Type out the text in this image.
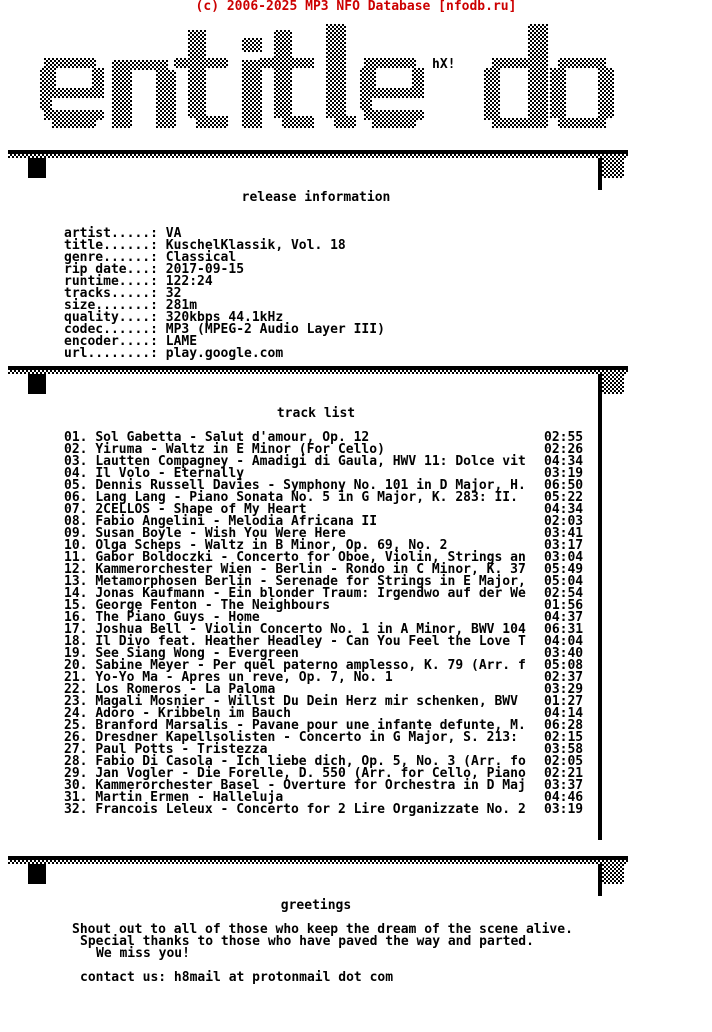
(c) 2006-2025 MP3 NFO Database [nfodb.ru]
hX!
release information
artist.....: VA
title......: KuschelKlassik, Vol. 18
genre......: Classical
rip date...: 2017-09-15
runtime....: 122:24
tracks.....: 32
size.......: 281m
quality....: 320kbps 44.1kHz
codec......: MP3 (MPEG-2 Audio Layer III)
encoder....: LAME
url........: play.google.com
track list
01. Sol Gabetta - Salut d'amour, Op. 12	02:55
02. Yiruma - Waltz in E Minor (For Cello)	02:26
03. Lautten Compagney - Amadigi di Gaula, HWV 11: Dolce vit 04:34
04. Il Volo - Eternally	03:19
05. Dennis Russell Davies - Symphony No. 101 in D Major, H. 06:50
06. Lang Lang - Piano Sonata No. 5 in G Major, K. 283: II. 05:22
07. 2CELLOS - Shape of My Heart	04:34
08. Fabio Angelini - Melodia Africana II	02:03
09. Susan Boyle - Wish You Were Here	03:41
10. Olga Scheps - Waltz in B Minor, Op. 69, No. 2	03:17
11. Gabor Boldoczki - Concerto for Oboe, Violin, Strings an 03:04
12. Kammerorchester Wien - Berlin - Rondo in C Minor, K. 37 05:49
13. Metamorphosen Berlin - Serenade for Strings in E Major, 05:04
14. Jonas Kaufmann - Ein blonder Traum: Irgendwo auf der We 02:54
15. George Fenton - The Neighbours	01:56
16. The Piano Guys - Home	04:37
17. Joshua Bell - Violin Concerto No. 1 in A Minor, BWV 104 06:31
18. Il Divo feat. Heather Headley - Can You Feel the Love T 04:04
19. See Siang Wong - Evergreen	03:40
20. Sabine Meyer - Per quel paterno amplesso, K. 79 (Arr. f 05:08
21. Yo-Yo Ma - Apres un reve, Op. 7, No. 1	02:37
22. Los Romeros - La Paloma	03:29
23. Magali Mosnier - Willst Du Dein Herz mir schenken, BWV 01:27
24. Adoro - Kribbeln im Bauch	04:14
25. Branford Marsalis - Pavane pour une infante defunte, M. 06:28
26. Dresdner Kapellsolisten - Concerto in G Major, S. 213: 02:15
27. Paul Potts - Tristezza	03:58
28. Fabio Di Casola - Ich liebe dich, Op. 5, No. 3 (Arr. fo 02:05
29. Jan Vogler - Die Forelle, D. 550 (Arr. for Cello, Piano 02:21
30. Kammerorchester Basel - Overture for Orchestra in D Maj 03:37
31. Martin Ermen - Halleluja	04:46
32. Francois Leleux - Concerto for 2 Lire Organizzate No. 2 03:19
greetings
Shout out to all of those who keep the dream of the scene alive.
Special thanks to those who have paved the way and parted.
We miss you!
contact us: h8mail at protonmail dot com
